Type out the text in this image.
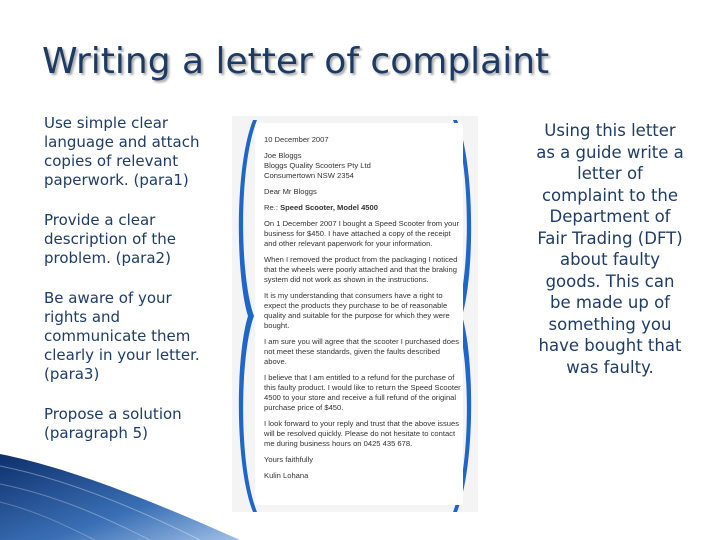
Writing a letter of complaint

Use simple clear language and attach copies of relevant paperwork. (para1)

Provide a clear description of the problem. (para2)

Be aware of your rights and communicate them clearly in your letter. (para3)

Propose a solution (paragraph 5)

10 December 2007
Joe Bloggs
Bloggs Quality Scooters Pty Ltd
Consumertown NSW 2354
Dear Mr Bloggs
Re.: Speed Scooter, Model 4500
On 1 December 2007 I bought a Speed Scooter from your business for $450. I have attached a copy of the receipt and other relevant paperwork for your information.
When I removed the product from the packaging I noticed that the wheels were poorly attached and that the braking system did not work as shown in the instructions.
It is my understanding that consumers have a right to expect the products they purchase to be of reasonable quality and suitable for the purpose for which they were bought.
I am sure you will agree that the scooter I purchased does not meet these standards, given the faults described above.
I believe that I am entitled to a refund for the purchase of this faulty product. I would like to return the Speed Scooter 4500 to your store and receive a full refund of the original purchase price of $450.
I look forward to your reply and trust that the above issues will be resolved quickly. Please do not hesitate to contact me during business hours on 0425 435 678.
Yours faithfully
Kulin Lohana
Using this letter as a guide write a letter of complaint to the Department of Fair Trading (DFT) about faulty goods. This can be made up of something you have bought that was faulty.
